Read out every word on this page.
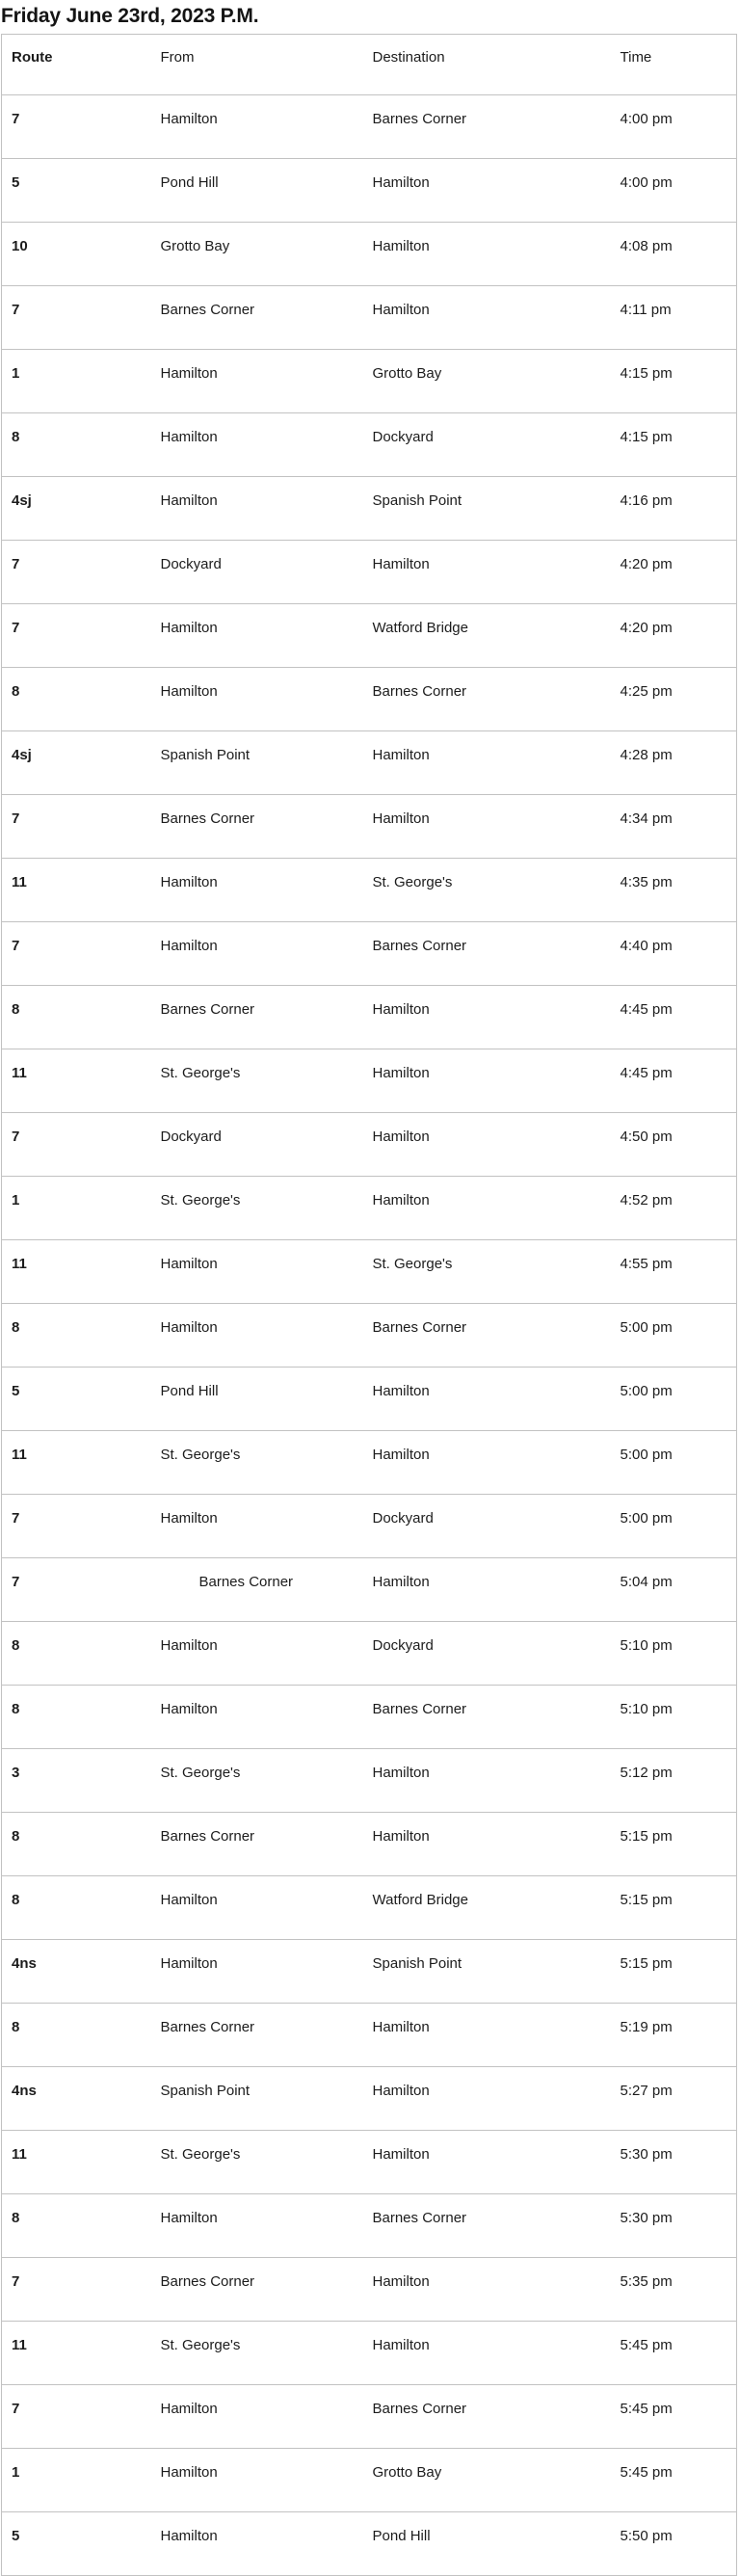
Friday June 23rd, 2023 P.M.
Route	From	Destination	Time
7	Hamilton	Barnes Corner	4:00 pm
5	Pond Hill	Hamilton	4:00 pm
10	Grotto Bay	Hamilton	4:08 pm
7	Barnes Corner	Hamilton	4:11 pm
1	Hamilton	Grotto Bay	4:15 pm
8	Hamilton	Dockyard	4:15 pm
4sj	Hamilton	Spanish Point	4:16 pm
7	Dockyard	Hamilton	4:20 pm
7	Hamilton	Watford Bridge	4:20 pm
8	Hamilton	Barnes Corner	4:25 pm
4sj	Spanish Point	Hamilton	4:28 pm
7	Barnes Corner	Hamilton	4:34 pm
11	Hamilton	St. George's	4:35 pm
7	Hamilton	Barnes Corner	4:40 pm
8	Barnes Corner	Hamilton	4:45 pm
11	St. George's	Hamilton	4:45 pm
7	Dockyard	Hamilton	4:50 pm
1	St. George's	Hamilton	4:52 pm
11	Hamilton	St. George's	4:55 pm
8	Hamilton	Barnes Corner	5:00 pm
5	Pond Hill	Hamilton	5:00 pm
11	St. George's	Hamilton	5:00 pm
7	Hamilton	Dockyard	5:00 pm
7	Barnes Corner	Hamilton	5:04 pm
8	Hamilton	Dockyard	5:10 pm
8	Hamilton	Barnes Corner	5:10 pm
3	St. George's	Hamilton	5:12 pm
8	Barnes Corner	Hamilton	5:15 pm
8	Hamilton	Watford Bridge	5:15 pm
4ns	Hamilton	Spanish Point	5:15 pm
8	Barnes Corner	Hamilton	5:19 pm
4ns	Spanish Point	Hamilton	5:27 pm
11	St. George's	Hamilton	5:30 pm
8	Hamilton	Barnes Corner	5:30 pm
7	Barnes Corner	Hamilton	5:35 pm
11	St. George's	Hamilton	5:45 pm
7	Hamilton	Barnes Corner	5:45 pm
1	Hamilton	Grotto Bay	5:45 pm
5	Hamilton	Pond Hill	5:50 pm
